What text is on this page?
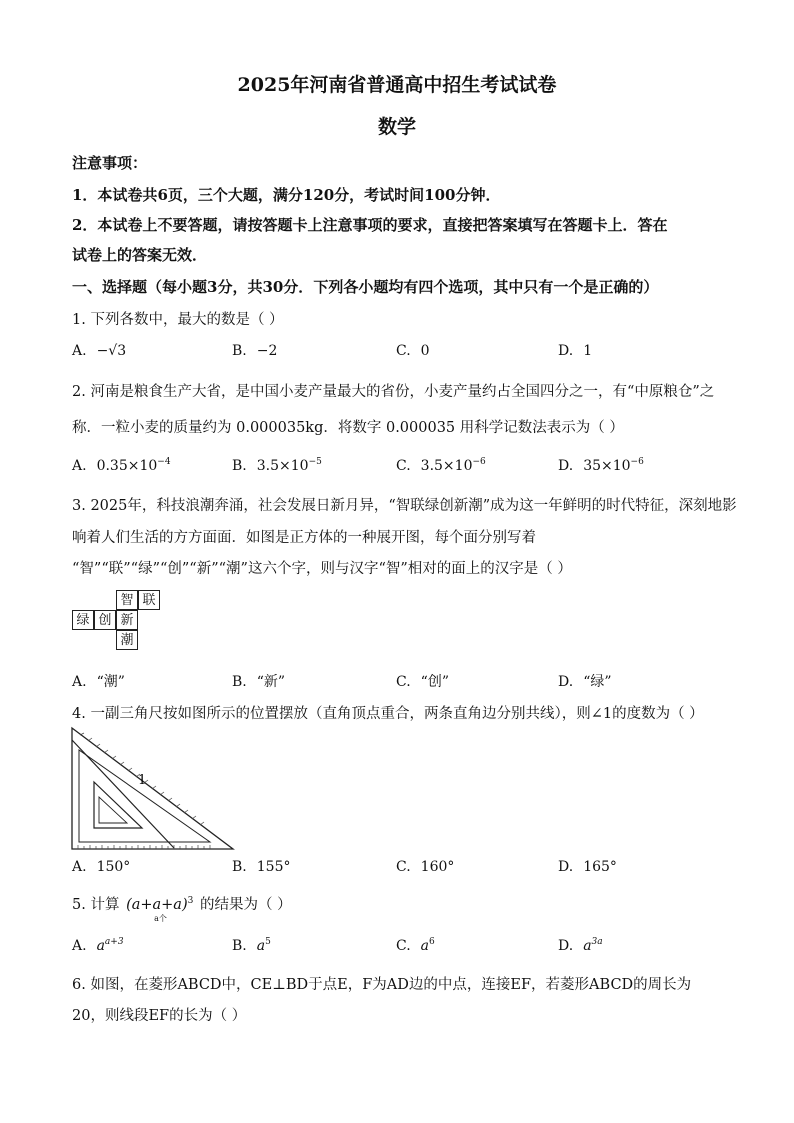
2025年河南省普通高中招生考试试卷
数学
注意事项：
1．本试卷共6页，三个大题，满分120分，考试时间100分钟．
2．本试卷上不要答题，请按答题卡上注意事项的要求，直接把答案填写在答题卡上．答在
试卷上的答案无效．
一、选择题（每小题3分，共30分．下列各小题均有四个选项，其中只有一个是正确的）
1. 下列各数中，最大的数是（ ）
A. −√3	B. −2	C. 0	D. 1
2. 河南是粮食生产大省，是中国小麦产量最大的省份，小麦产量约占全国四分之一，有“中原粮仓”之
称．一粒小麦的质量约为 0.000035kg．将数字 0.000035 用科学记数法表示为（ ）
A. $0.35\times 10^{-4}$	B. $3.5\times 10^{-5}$	C. $3.5\times 10^{-6}$	D. $35\times 10^{-6}$
3. 2025年，科技浪潮奔涌，社会发展日新月异，“智联绿创新潮”成为这一年鲜明的时代特征，深刻地影
响着人们生活的方方面面．如图是正方体的一种展开图，每个面分别写着
“智”“联”“绿”“创”“新”“潮”这六个字，则与汉字“智”相对的面上的汉字是（ ）
智 联
绿 创 新
潮
A. “潮”	B. “新”	C. “创”	D. “绿”
4. 一副三角尺按如图所示的位置摆放（直角顶点重合，两条直角边分别共线），则∠1的度数为（ ）
1
A. 150°	B. 155°	C. 160°	D. 165°
5. 计算 $(a+a+a)^3$
a个
的结果为（ ）
A. $a^{a+3}$	B. $a^5$	C. $a^6$	D. $a^{3a}$
6. 如图，在菱形ABCD中，CE⊥BD于点E，F为AD边的中点，连接EF，若菱形ABCD的周长为
20，则线段EF的长为（ ）
